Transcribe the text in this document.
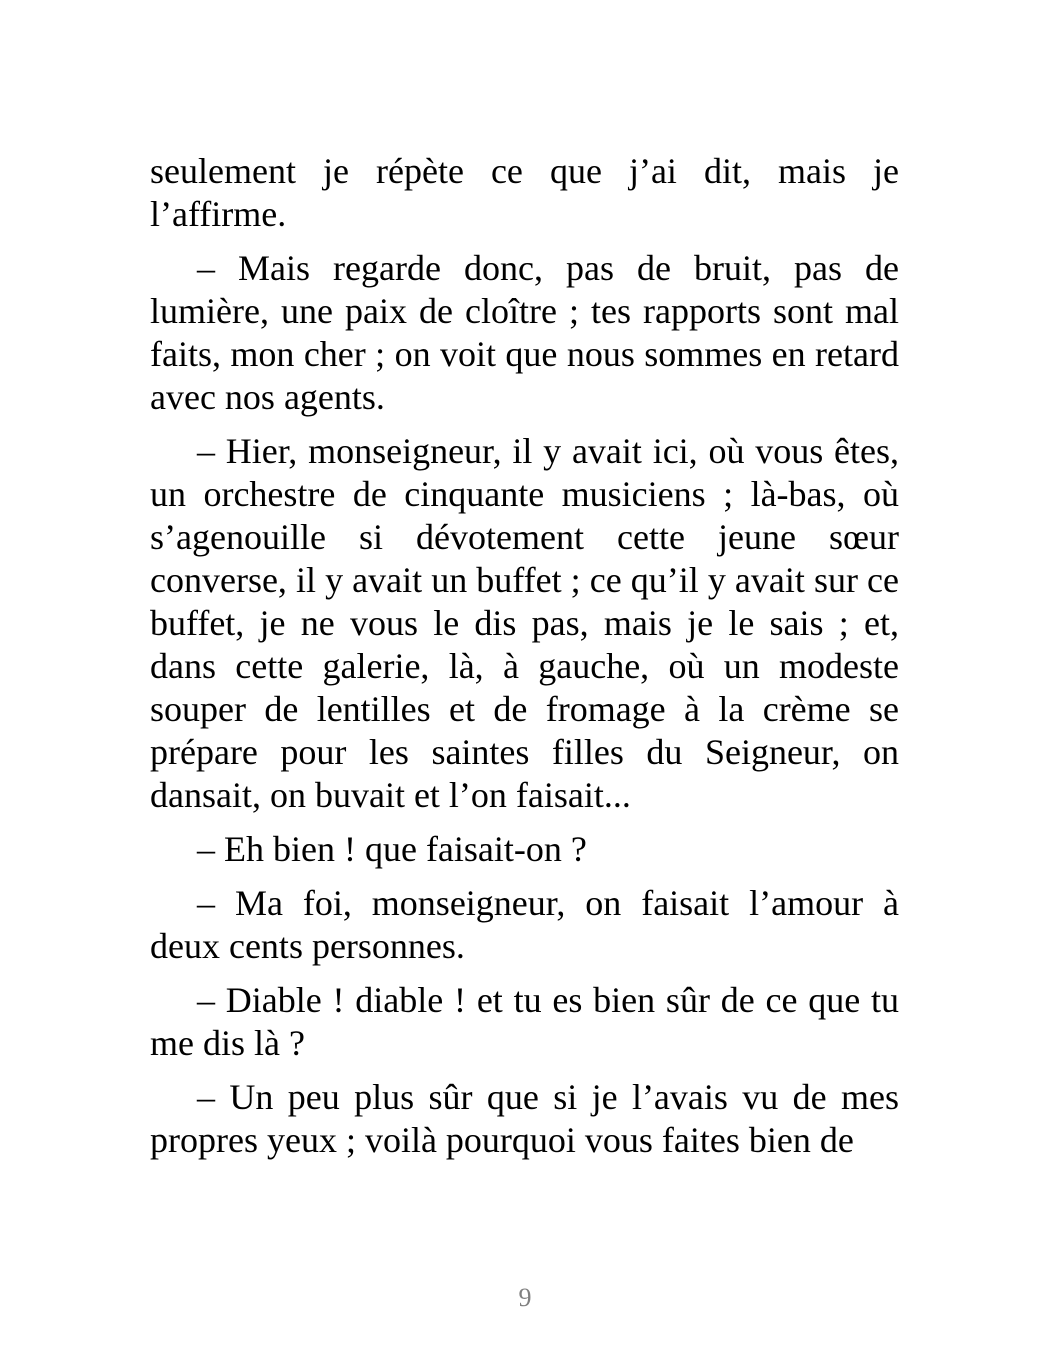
seulement je répète ce que j’ai dit, mais je l’affirme.

– Mais regarde donc, pas de bruit, pas de lumière, une paix de cloître ; tes rapports sont mal faits, mon cher ; on voit que nous sommes en retard avec nos agents.

– Hier, monseigneur, il y avait ici, où vous êtes, un orchestre de cinquante musiciens ; là-bas, où s’agenouille si dévotement cette jeune sœur converse, il y avait un buffet ; ce qu’il y avait sur ce buffet, je ne vous le dis pas, mais je le sais ; et, dans cette galerie, là, à gauche, où un modeste souper de lentilles et de fromage à la crème se prépare pour les saintes filles du Seigneur, on dansait, on buvait et l’on faisait...

– Eh bien ! que faisait-on ?

– Ma foi, monseigneur, on faisait l’amour à deux cents personnes.

– Diable ! diable ! et tu es bien sûr de ce que tu me dis là ?

– Un peu plus sûr que si je l’avais vu de mes propres yeux ; voilà pourquoi vous faites bien de

9
